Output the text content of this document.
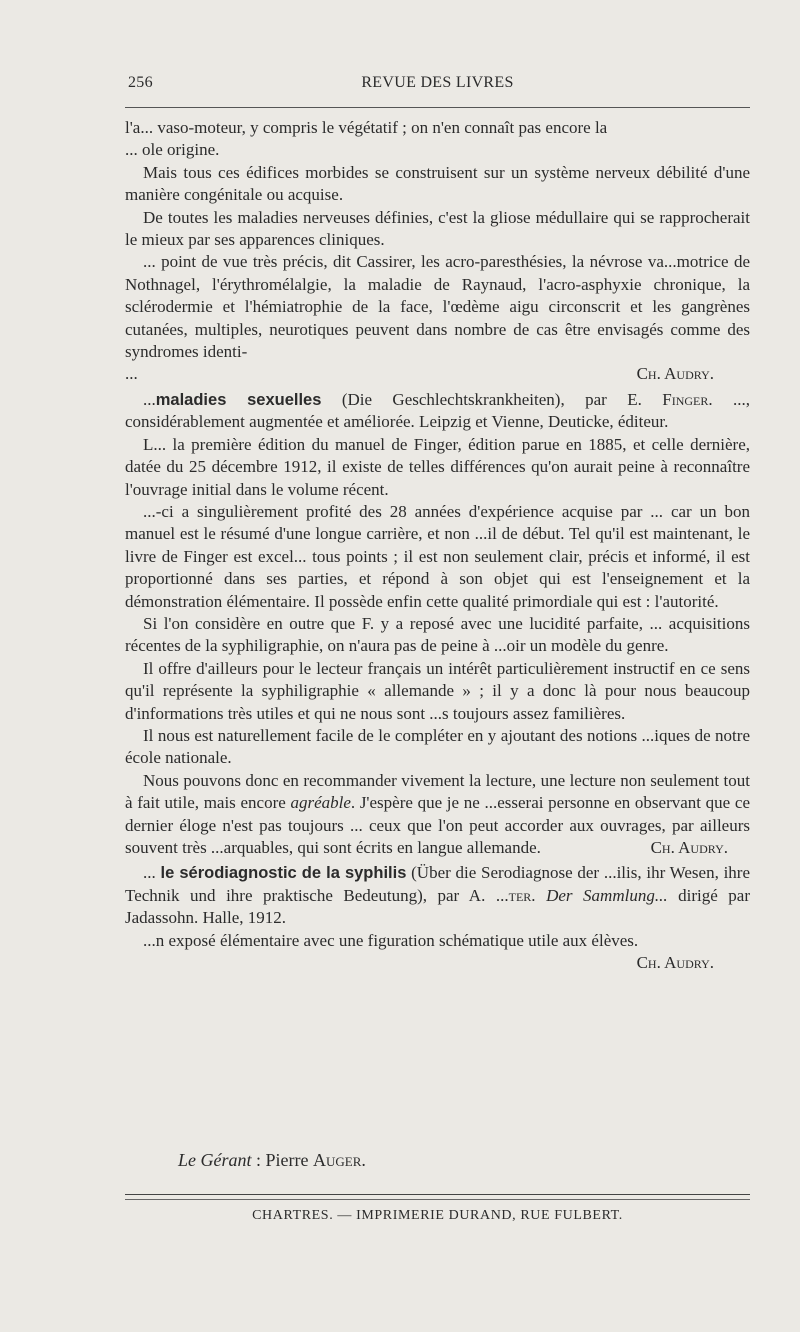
256	REVUE DES LIVRES

l'a... vaso-moteur, y compris le végétatif ; on n'en connaît pas encore la

... ole origine.

Mais tous ces édifices morbides se construisent sur un système nerveux débilité d'une manière congénitale ou acquise.

De toutes les maladies nerveuses définies, c'est la gliose médullaire qui se rapprocherait le mieux par ses apparences cliniques.

... point de vue très précis, dit Cassirer, les acro-paresthésies, la névrose va...motrice de Nothnagel, l'érythromélalgie, la maladie de Raynaud, l'acro-asphyxie chronique, la sclérodermie et l'hémiatrophie de la face, l'œdème aigu circonscrit et les gangrènes cutanées, multiples, neurotiques peuvent dans nombre de cas être envisagés comme des syndromes identi-

...	Ch. Audry.

...maladies sexuelles (Die Geschlechtskrankheiten), par E. Finger. ..., considérablement augmentée et améliorée. Leipzig et Vienne, Deuticke, éditeur.

L... la première édition du manuel de Finger, édition parue en 1885, et celle dernière, datée du 25 décembre 1912, il existe de telles différences qu'on aurait peine à reconnaître l'ouvrage initial dans le volume récent.

...-ci a singulièrement profité des 28 années d'expérience acquise par ... car un bon manuel est le résumé d'une longue carrière, et non ...il de début. Tel qu'il est maintenant, le livre de Finger est excel... tous points ; il est non seulement clair, précis et informé, il est proportionné dans ses parties, et répond à son objet qui est l'enseignement et la démonstration élémentaire. Il possède enfin cette qualité primordiale qui est : l'autorité.

Si l'on considère en outre que F. y a reposé avec une lucidité parfaite, ... acquisitions récentes de la syphiligraphie, on n'aura pas de peine à ...oir un modèle du genre.

Il offre d'ailleurs pour le lecteur français un intérêt particulièrement instructif en ce sens qu'il représente la syphiligraphie « allemande » ; il y a donc là pour nous beaucoup d'informations très utiles et qui ne nous sont ...s toujours assez familières.

Il nous est naturellement facile de le compléter en y ajoutant des notions ...iques de notre école nationale.

Nous pouvons donc en recommander vivement la lecture, une lecture non seulement tout à fait utile, mais encore agréable. J'espère que je ne ...esserai personne en observant que ce dernier éloge n'est pas toujours ... ceux que l'on peut accorder aux ouvrages, par ailleurs souvent très ...arquables, qui sont écrits en langue allemande.	Ch. Audry.

... le sérodiagnostic de la syphilis (Über die Serodiagnose der ...ilis, ihr Wesen, ihre Technik und ihre praktische Bedeutung), par A. ...ter. Der Sammlung... dirigé par Jadassohn. Halle, 1912.

...n exposé élémentaire avec une figuration schématique utile aux élèves.

Ch. Audry.

Le Gérant : Pierre Auger.
CHARTRES. — IMPRIMERIE DURAND, RUE FULBERT.
